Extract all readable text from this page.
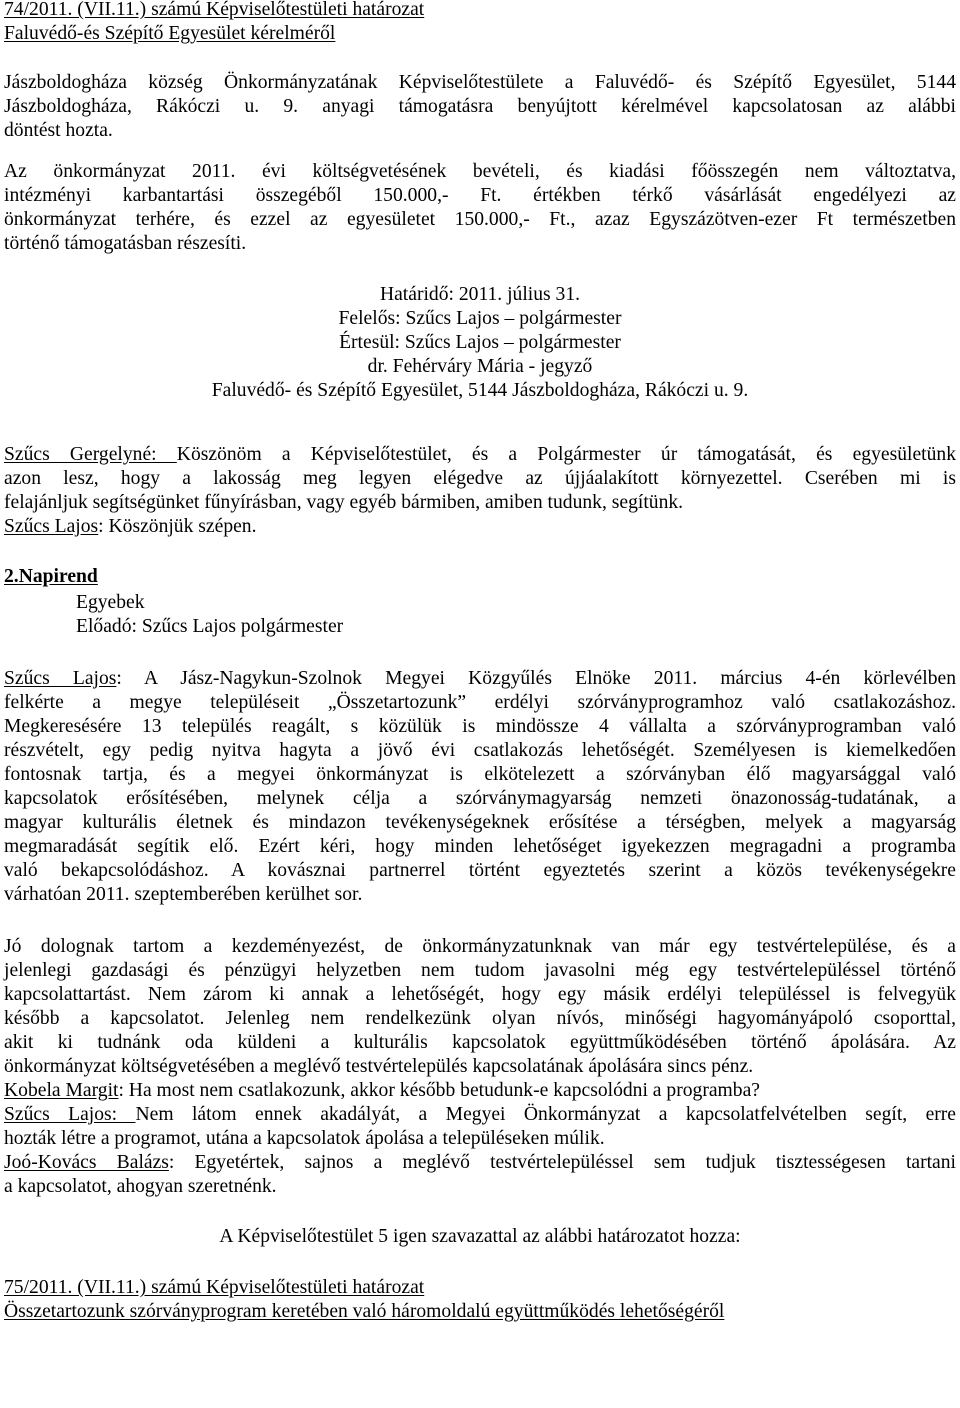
74/2011. (VII.11.) számú Képviselőtestületi határozat
Faluvédő-és Szépítő Egyesület kérelméről
Jászboldogháza község Önkormányzatának Képviselőtestülete a Faluvédő- és Szépítő Egyesület, 5144
Jászboldogháza, Rákóczi u. 9. anyagi támogatásra benyújtott kérelmével kapcsolatosan az alábbi
döntést hozta.
Az önkormányzat 2011. évi költségvetésének bevételi, és kiadási főösszegén nem változtatva,
intézményi karbantartási összegéből 150.000,- Ft. értékben térkő vásárlását engedélyezi az
önkormányzat terhére, és ezzel az egyesületet 150.000,- Ft., azaz Egyszázötven-ezer Ft természetben
történő támogatásban részesíti.
Határidő: 2011. július 31.
Felelős: Szűcs Lajos – polgármester
Értesül: Szűcs Lajos – polgármester
dr. Fehérváry Mária - jegyző
Faluvédő- és Szépítő Egyesület, 5144 Jászboldogháza, Rákóczi u. 9.
Szűcs Gergelyné: Köszönöm a Képviselőtestület, és a Polgármester úr támogatását, és egyesületünk
azon lesz, hogy a lakosság meg legyen elégedve az újjáalakított környezettel. Cserében mi is
felajánljuk segítségünket fűnyírásban, vagy egyéb bármiben, amiben tudunk, segítünk.
Szűcs Lajos: Köszönjük szépen.
2.Napirend
Egyebek
Előadó: Szűcs Lajos polgármester
Szűcs Lajos: A Jász-Nagykun-Szolnok Megyei Közgyűlés Elnöke 2011. március 4-én körlevélben
felkérte a megye településeit „Összetartozunk” erdélyi szórványprogramhoz való csatlakozáshoz.
Megkeresésére 13 település reagált, s közülük is mindössze 4 vállalta a szórványprogramban való
részvételt, egy pedig nyitva hagyta a jövő évi csatlakozás lehetőségét. Személyesen is kiemelkedően
fontosnak tartja, és a megyei önkormányzat is elkötelezett a szórványban élő magyarsággal való
kapcsolatok erősítésében, melynek célja a szórványmagyarság nemzeti önazonosság-tudatának, a
magyar kulturális életnek és mindazon tevékenységeknek erősítése a térségben, melyek a magyarság
megmaradását segítik elő. Ezért kéri, hogy minden lehetőséget igyekezzen megragadni a programba
való bekapcsolódáshoz. A kovásznai partnerrel történt egyeztetés szerint a közös tevékenységekre
várhatóan 2011. szeptemberében kerülhet sor.
Jó dolognak tartom a kezdeményezést, de önkormányzatunknak van már egy testvértelepülése, és a
jelenlegi gazdasági és pénzügyi helyzetben nem tudom javasolni még egy testvértelepüléssel történő
kapcsolattartást. Nem zárom ki annak a lehetőségét, hogy egy másik erdélyi településsel is felvegyük
később a kapcsolatot. Jelenleg nem rendelkezünk olyan nívós, minőségi hagyományápoló csoporttal,
akit ki tudnánk oda küldeni a kulturális kapcsolatok együttműködésében történő ápolására. Az
önkormányzat költségvetésében a meglévő testvértelepülés kapcsolatának ápolására sincs pénz.
Kobela Margit: Ha most nem csatlakozunk, akkor később betudunk-e kapcsolódni a programba?
Szűcs Lajos: Nem látom ennek akadályát, a Megyei Önkormányzat a kapcsolatfelvételben segít, erre
hozták létre a programot, utána a kapcsolatok ápolása a településeken múlik.
Joó-Kovács Balázs: Egyetértek, sajnos a meglévő testvértelepüléssel sem tudjuk tisztességesen tartani
a kapcsolatot, ahogyan szeretnénk.
A Képviselőtestület 5 igen szavazattal az alábbi határozatot hozza:
75/2011. (VII.11.) számú Képviselőtestületi határozat
Összetartozunk szórványprogram keretében való háromoldalú együttműködés lehetőségéről
